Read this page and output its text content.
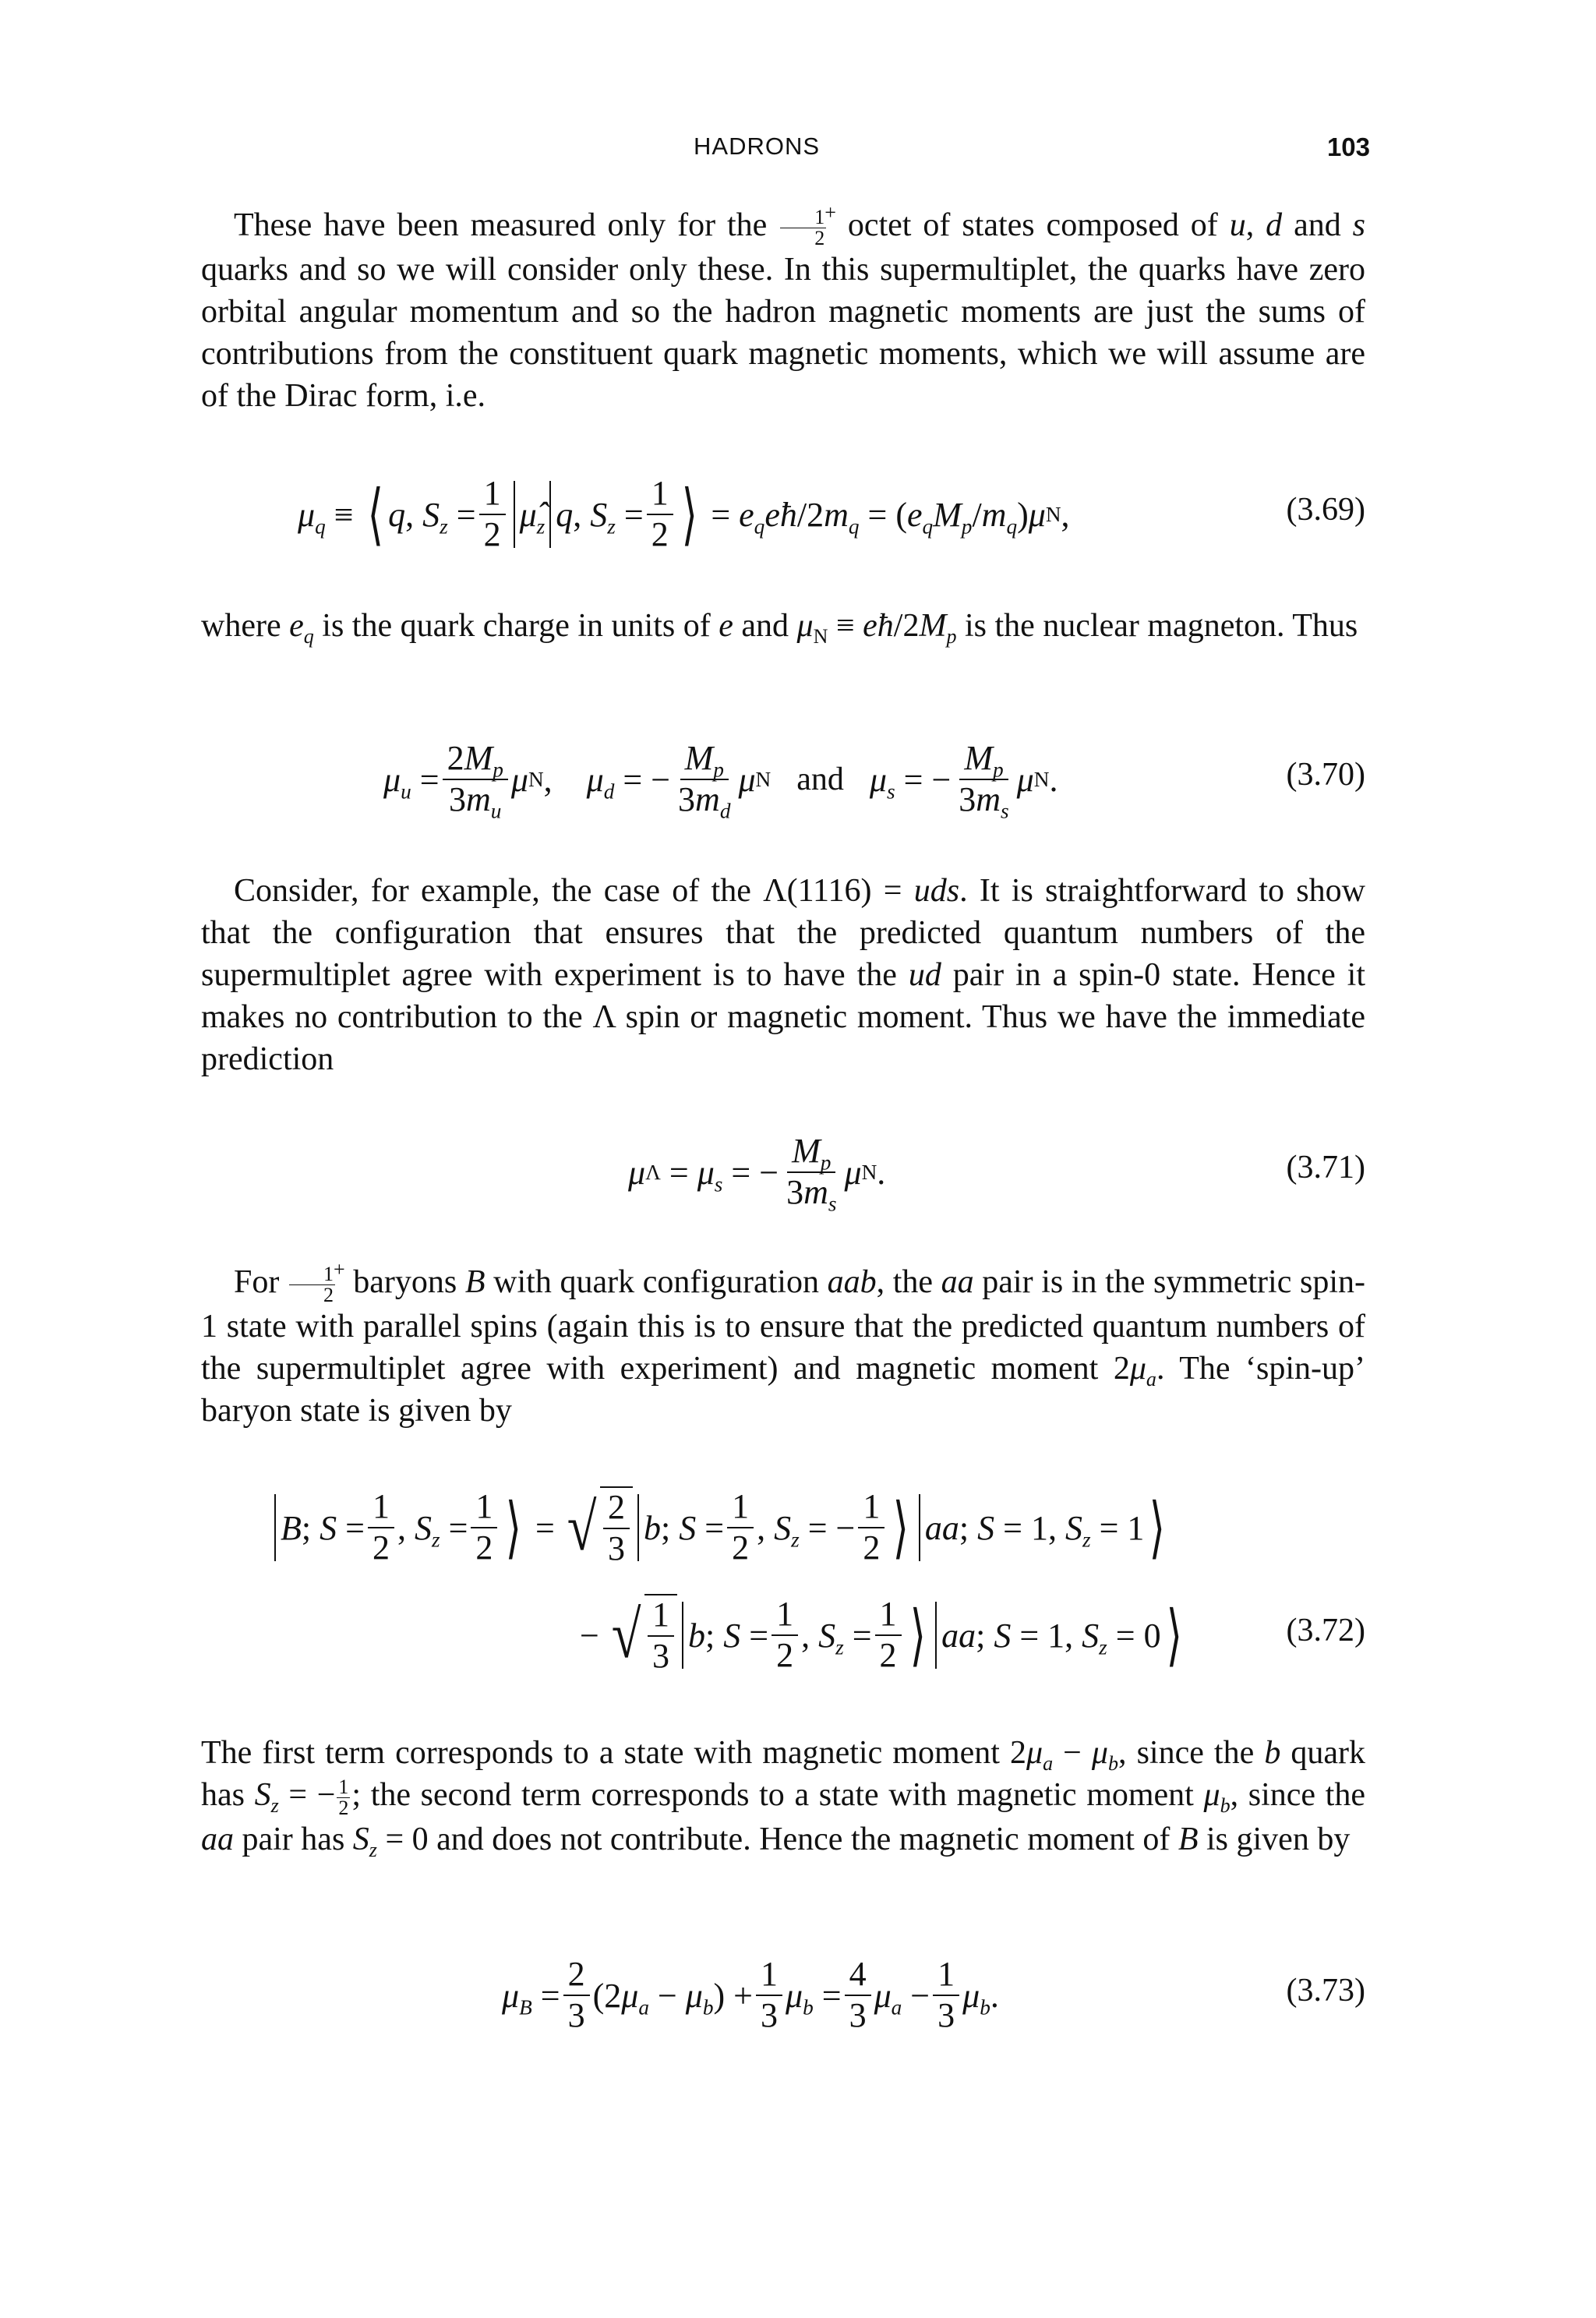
HADRONS	103
These have been measured only for the $\frac{1}{2}$
+ octet of states composed of u, d and s quarks and so we will consider only these. In this supermultiplet, the quarks have zero orbital angular momentum and so the hadron magnetic moments are just the sums of contributions from the constituent quark magnetic moments, which we will assume are of the Dirac form, i.e.
$\mu_q$ ≡ ⟨ q , $S_z = \frac{1}{2}$ $\mû_z$ q , $S_z = \frac{1}{2}$ ⟩ = $e_qeħ$ /2 $m_q$ = ( $e_qM_p / m_q$ ) μ N ,	(3.69)
where $e_q$ is the quark charge in units of e and $\mu_N$ ≡ $eħ/2M_p$ is the nuclear magneton. Thus
$\mu_u = \frac{2M_p}{3m_u}$ μ N , $\mu_d$ = − $\frac{M_p}{3m_d}$ μ N
and
$\mu_s$ = − $\frac{M_p}{3m_s}$ μ N .	(3.70)
Consider, for example, the case of the Λ(1116) = uds. It is straightforward to show that the configuration that ensures that the predicted quantum numbers of the supermultiplet agree with experiment is to have the ud pair in a spin-0 state. Hence it makes no contribution to the Λ spin or magnetic moment. Thus we have the immediate prediction
μ $\Lambda = \mu_s$ = − $\frac{M_p}{3m_s}$ μ N .	(3.71)
For $\frac{1}{2}$
+ baryons B with quark configuration aab, the aa pair is in the symmetric spin-1 state with parallel spins (again this is to ensure that the predicted quantum numbers of the supermultiplet agree with experiment) and magnetic moment $2\mu_a$. The ‘spin-up’ baryon state is given by
B ; $S = \frac{1}{2}$ , $S_z = \frac{1}{2}$ ⟩ = √ $\frac{2}{3}$ b ; $S = \frac{1}{2}$ , $S_z$ = − $\frac{1}{2}$ ⟩ aa ; S = 1, $S_z = 1$ ⟩
− √ $\frac{1}{3}$ b ; $S = \frac{1}{2}$ , $S_z = \frac{1}{2}$ ⟩ aa ; S = 1, $S_z = 0$ ⟩	(3.72)
The first term corresponds to a state with magnetic moment $2\mu_a - \mu_b$, since the b quark has $S_z$ = − $\frac{1}{2}$ ; the second term corresponds to a state with magnetic moment $\mu_b$, since the aa pair has $S_z = 0$ and does not contribute. Hence the magnetic moment of B is given by
$\mu_B = \frac{2}{3} (2$ $\mu_a - \mu_b$ ) + $\frac{1}{3} \mu_b = \frac{4}{3} \mu_a - \frac{1}{3} \mu_b$ .	(3.73)
